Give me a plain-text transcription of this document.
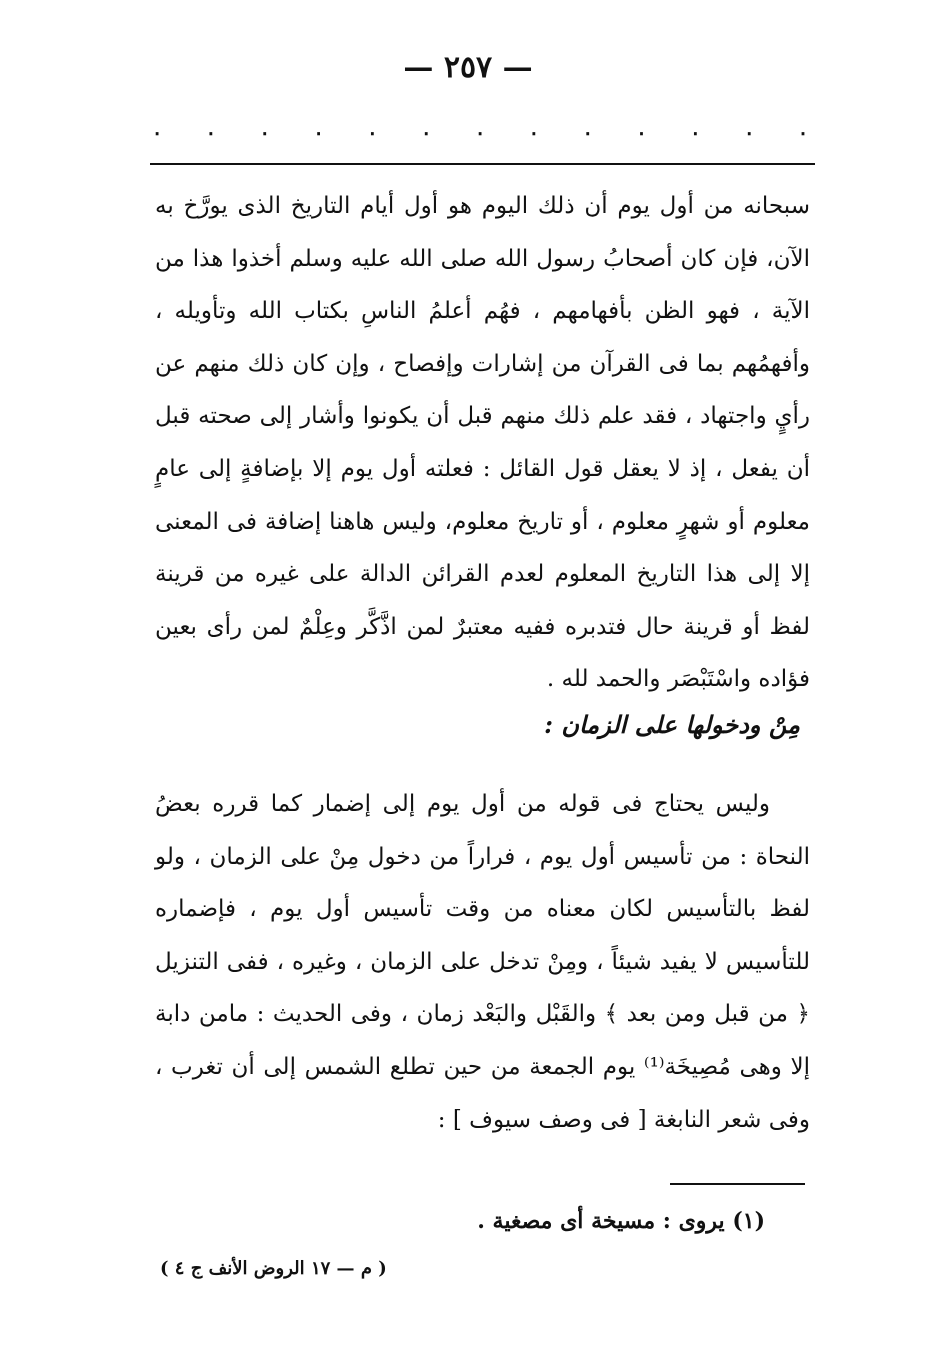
— ٢٥٧ —
٠
٠
٠
٠
٠
٠
٠
٠
٠
٠
٠
٠
٠

سبحانه من أول يوم أن ذلك اليوم هو أول أيام التاريخ الذى يورَّخ به الآن، فإن كان أصحابُ رسول الله صلى الله عليه وسلم أخذوا هذا من الآية ، فهو الظن بأفهامهم ، فهُم أعلمُ الناسِ بكتاب الله وتأويله ، وأفهمُهم بما فى القرآن من إشارات وإفصاح ، وإن كان ذلك منهم عن رأيٍ واجتهاد ، فقد علم ذلك منهم قبل أن يكونوا وأشار إلى صحته قبل أن يفعل ، إذ لا يعقل قول القائل : فعلته أول يوم إلا بإضافةٍ إلى عامٍ معلوم أو شهرٍ معلوم ، أو تاريخ معلوم، وليس هاهنا إضافة فى المعنى إلا إلى هذا التاريخ المعلوم لعدم القرائن الدالة على غيره من قرينة لفظ أو قرينة حال فتدبره ففيه معتبرٌ لمن اذَّكَّر وعِلْمٌ لمن رأى بعين فؤاده واسْتَبْصَر والحمد لله .

مِنْ ودخولها على الزمان :

وليس يحتاج فى قوله من أول يوم إلى إضمار كما قرره بعضُ النحاة : من تأسيس أول يوم ، فراراً من دخول مِنْ على الزمان ، ولو لفظ بالتأسيس لكان معناه من وقت تأسيس أول يوم ، فإضماره للتأسيس لا يفيد شيئاً ، ومِنْ تدخل على الزمان ، وغيره ، ففى التنزيل ﴿ من قبل ومن بعد ﴾ والقَبْل والبَعْد زمان ، وفى الحديث : مامن دابة إلا وهى مُصِيخَة⁽¹⁾ يوم الجمعة من حين تطلع الشمس إلى أن تغرب ، وفى شعر النابغة [ فى وصف سيوف ] :

(١) يروى : مسيخة أى مصغية .
( م — ١٧ الروض الأنف ج ٤ )
